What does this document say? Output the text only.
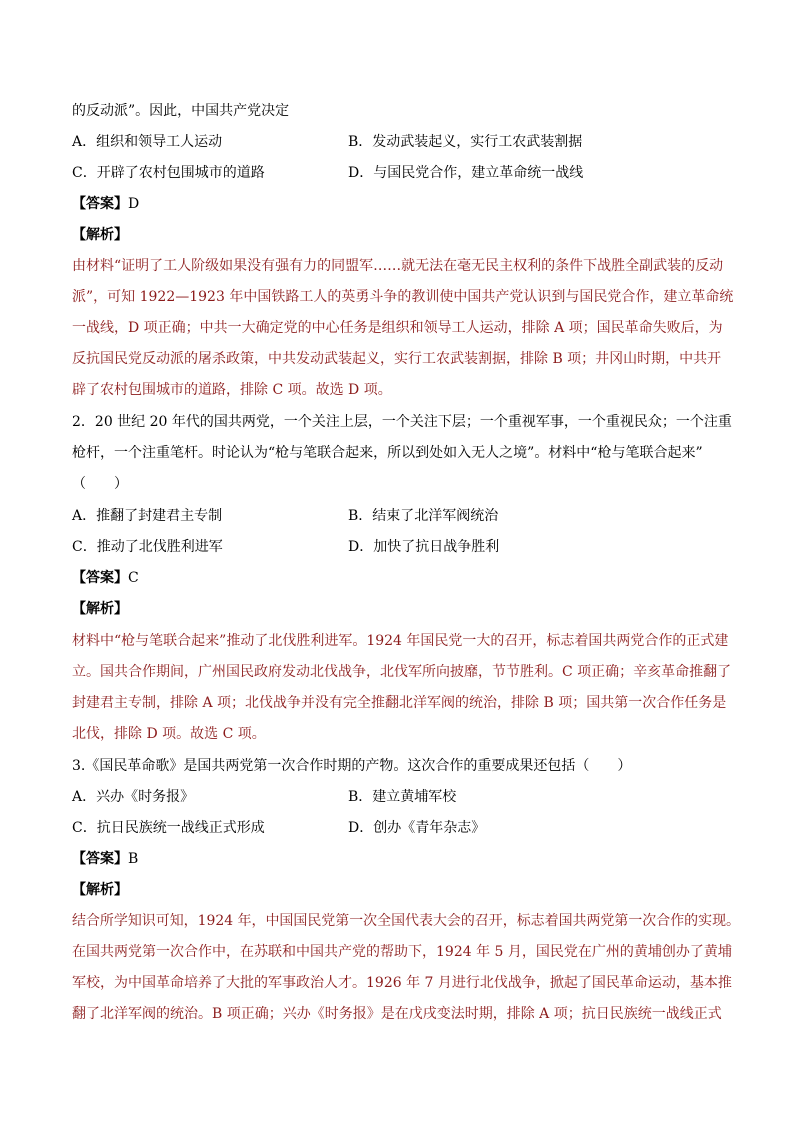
的反动派”。因此，中国共产党决定
A．组织和领导工人运动	B．发动武装起义，实行工农武装割据
C．开辟了农村包围城市的道路	D．与国民党合作，建立革命统一战线
【答案】D
【解析】
由材料“证明了工人阶级如果没有强有力的同盟军……就无法在毫无民主权利的条件下战胜全副武装的反动
派”，可知 1922—1923 年中国铁路工人的英勇斗争的教训使中国共产党认识到与国民党合作，建立革命统
一战线，D 项正确；中共一大确定党的中心任务是组织和领导工人运动，排除 A 项；国民革命失败后，为
反抗国民党反动派的屠杀政策，中共发动武装起义，实行工农武装割据，排除 B 项；井冈山时期，中共开
辟了农村包围城市的道路，排除 C 项。故选 D 项。
2．20 世纪 20 年代的国共两党，一个关注上层，一个关注下层；一个重视军事，一个重视民众；一个注重
枪杆，一个注重笔杆。时论认为“枪与笔联合起来，所以到处如入无人之境”。材料中“枪与笔联合起来”
（　　）
A．推翻了封建君主专制	B．结束了北洋军阀统治
C．推动了北伐胜利进军	D．加快了抗日战争胜利
【答案】C
【解析】
材料中“枪与笔联合起来”推动了北伐胜利进军。1924 年国民党一大的召开，标志着国共两党合作的正式建
立。国共合作期间，广州国民政府发动北伐战争，北伐军所向披靡，节节胜利。C 项正确；辛亥革命推翻了
封建君主专制，排除 A 项；北伐战争并没有完全推翻北洋军阀的统治，排除 B 项；国共第一次合作任务是
北伐，排除 D 项。故选 C 项。
3.《国民革命歌》是国共两党第一次合作时期的产物。这次合作的重要成果还包括（　　）
A．兴办《时务报》	B．建立黄埔军校
C．抗日民族统一战线正式形成	D．创办《青年杂志》
【答案】B
【解析】
结合所学知识可知，1924 年，中国国民党第一次全国代表大会的召开，标志着国共两党第一次合作的实现。
在国共两党第一次合作中，在苏联和中国共产党的帮助下，1924 年 5 月，国民党在广州的黄埔创办了黄埔
军校，为中国革命培养了大批的军事政治人才。1926 年 7 月进行北伐战争，掀起了国民革命运动，基本推
翻了北洋军阀的统治。B 项正确；兴办《时务报》是在戊戌变法时期，排除 A 项；抗日民族统一战线正式
